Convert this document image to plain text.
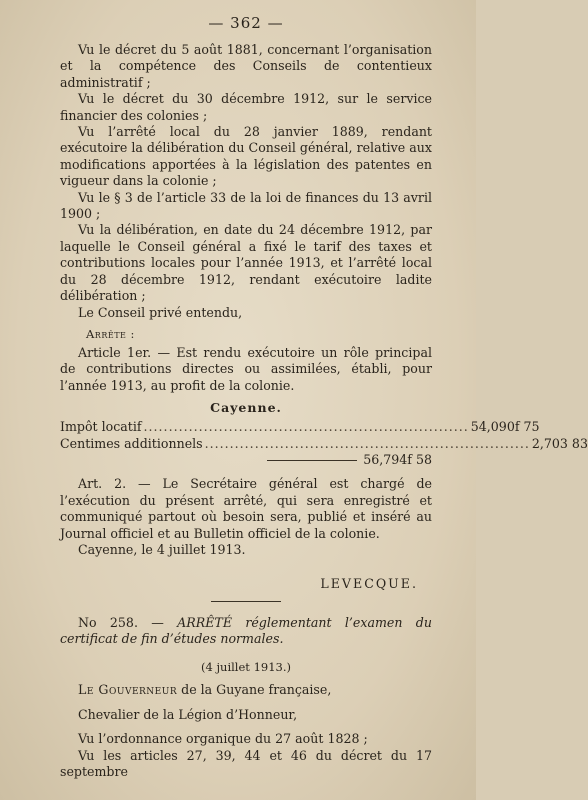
— 362 —

Vu le décret du 5 août 1881, concernant l’organisation et la compétence des Conseils de contentieux administratif ;

Vu le décret du 30 décembre 1912, sur le service financier des colonies ;

Vu l’arrêté local du 28 janvier 1889, rendant exécutoire la délibération du Conseil général, relative aux modifications apportées à la législation des patentes en vigueur dans la colonie ;

Vu le § 3 de l’article 33 de la loi de finances du 13 avril 1900 ;

Vu la délibération, en date du 24 décembre 1912, par laquelle le Conseil général a fixé le tarif des taxes et contributions locales pour l’année 1913, et l’arrêté local du 28 décembre 1912, rendant exécutoire ladite délibération ;

Le Conseil privé entendu,

Arrête :

Article 1er. — Est rendu exécutoire un rôle principal de contributions directes ou assimilées, établi, pour l’année 1913, au profit de la colonie.

Cayenne.
Impôt locatif ................................................................. 54,090f 75
Centimes additionnels ................................................................. 2,703 83
56,794f 58

Art. 2. — Le Secrétaire général est chargé de l’exécution du présent arrêté, qui sera enregistré et communiqué partout où besoin sera, publié et inséré au Journal officiel et au Bulletin officiel de la colonie.

Cayenne, le 4 juillet 1913.

LEVECQUE.

No 258. — ARRÊTÉ réglementant l’examen du certificat de fin d’études normales.

(4 juillet 1913.)

Le Gouverneur de la Guyane française,

Chevalier de la Légion d’Honneur,

Vu l’ordonnance organique du 27 août 1828 ;

Vu les articles 27, 39, 44 et 46 du décret du 17 septembre
